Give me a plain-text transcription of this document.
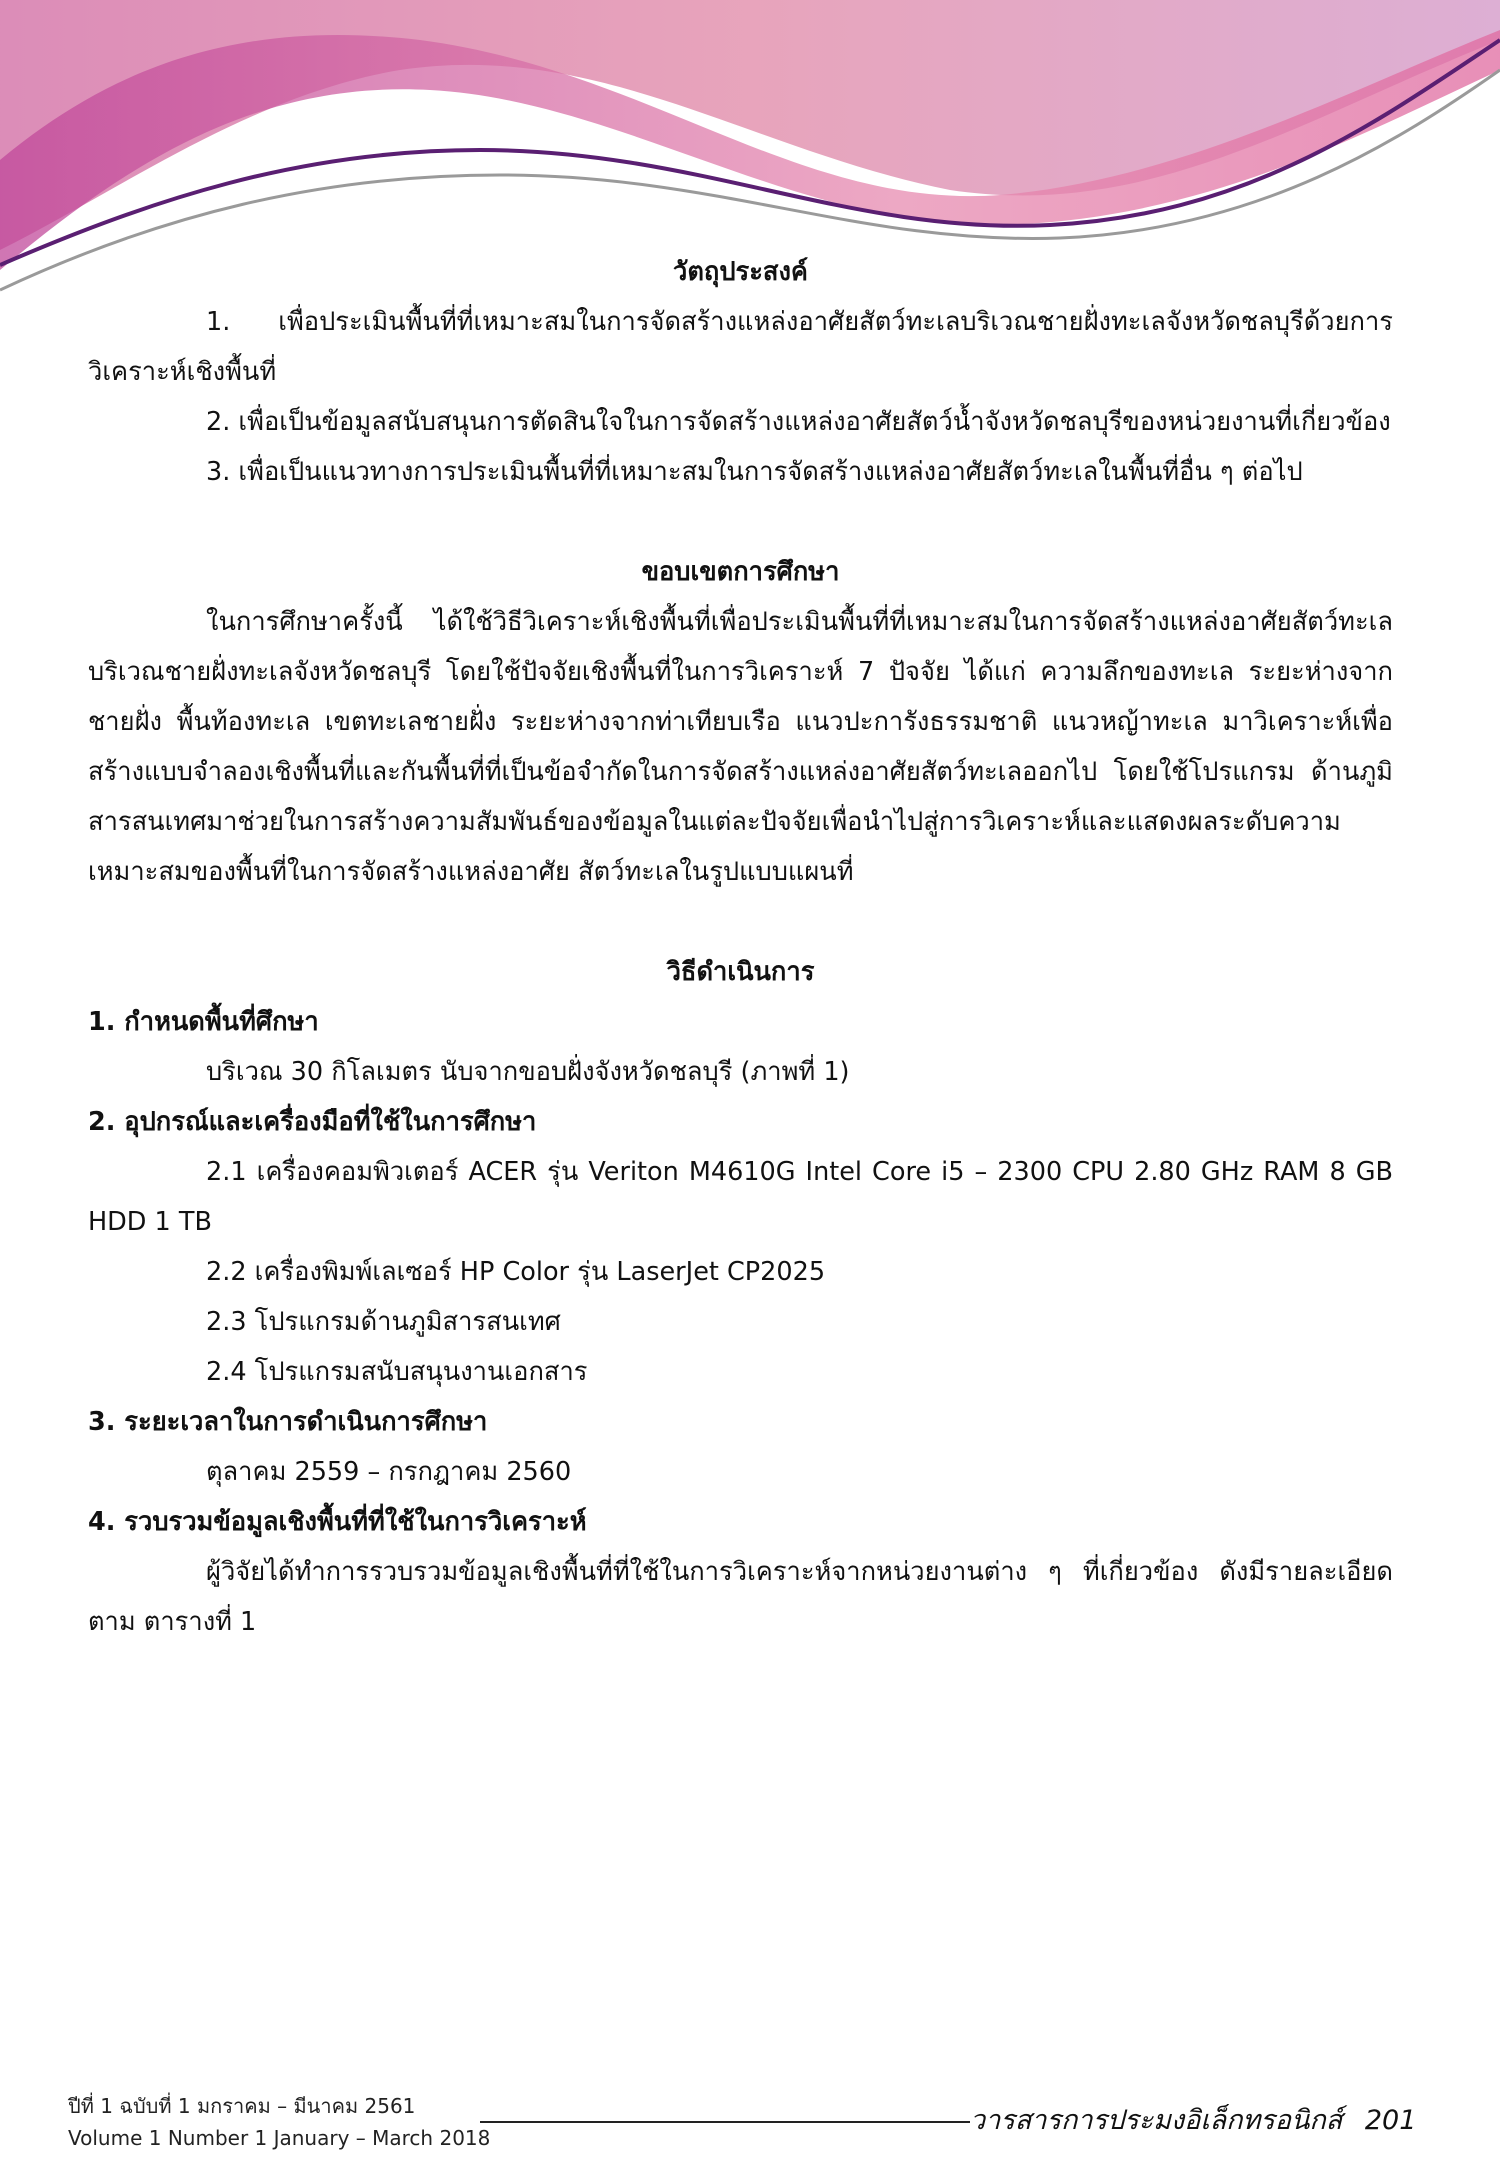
วัตถุประสงค์

1. เพื่อประเมินพื้นที่ที่เหมาะสมในการจัดสร้างแหล่งอาศัยสัตว์ทะเลบริเวณชายฝั่งทะเลจังหวัดชลบุรีด้วยการวิเคราะห์เชิงพื้นที่

2. เพื่อเป็นข้อมูลสนับสนุนการตัดสินใจในการจัดสร้างแหล่งอาศัยสัตว์น้ำจังหวัดชลบุรีของหน่วยงานที่เกี่ยวข้อง

3. เพื่อเป็นแนวทางการประเมินพื้นที่ที่เหมาะสมในการจัดสร้างแหล่งอาศัยสัตว์ทะเลในพื้นที่อื่น ๆ ต่อไป

ขอบเขตการศึกษา

ในการศึกษาครั้งนี้ ได้ใช้วิธีวิเคราะห์เชิงพื้นที่เพื่อประเมินพื้นที่ที่เหมาะสมในการจัดสร้างแหล่งอาศัยสัตว์ทะเลบริเวณชายฝั่งทะเลจังหวัดชลบุรี โดยใช้ปัจจัยเชิงพื้นที่ในการวิเคราะห์ 7 ปัจจัย ได้แก่ ความลึกของทะเล ระยะห่างจากชายฝั่ง พื้นท้องทะเล เขตทะเลชายฝั่ง ระยะห่างจากท่าเทียบเรือ แนวปะการังธรรมชาติ แนวหญ้าทะเล มาวิเคราะห์เพื่อสร้างแบบจำลองเชิงพื้นที่และกันพื้นที่ที่เป็นข้อจำกัดในการจัดสร้างแหล่งอาศัยสัตว์ทะเลออกไป โดยใช้โปรแกรม ด้านภูมิสารสนเทศมาช่วยในการสร้างความสัมพันธ์ของข้อมูลในแต่ละปัจจัยเพื่อนำไปสู่การวิเคราะห์และแสดงผลระดับความเหมาะสมของพื้นที่ในการจัดสร้างแหล่งอาศัย สัตว์ทะเลในรูปแบบแผนที่

วิธีดำเนินการ

1. กำหนดพื้นที่ศึกษา

บริเวณ 30 กิโลเมตร นับจากขอบฝั่งจังหวัดชลบุรี (ภาพที่ 1)

2. อุปกรณ์และเครื่องมือที่ใช้ในการศึกษา

2.1 เครื่องคอมพิวเตอร์ ACER รุ่น Veriton M4610G Intel Core i5 – 2300 CPU 2.80 GHz RAM 8 GB HDD 1 TB

2.2 เครื่องพิมพ์เลเซอร์ HP Color รุ่น LaserJet CP2025

2.3 โปรแกรมด้านภูมิสารสนเทศ

2.4 โปรแกรมสนับสนุนงานเอกสาร

3. ระยะเวลาในการดำเนินการศึกษา

ตุลาคม 2559 – กรกฎาคม 2560

4. รวบรวมข้อมูลเชิงพื้นที่ที่ใช้ในการวิเคราะห์

ผู้วิจัยได้ทำการรวบรวมข้อมูลเชิงพื้นที่ที่ใช้ในการวิเคราะห์จากหน่วยงานต่าง ๆ ที่เกี่ยวข้อง ดังมีรายละเอียดตาม ตารางที่ 1

ปีที่ 1 ฉบับที่ 1 มกราคม – มีนาคม 2561
Volume 1 Number 1 January – March 2018
วารสารการประมงอิเล็กทรอนิกส์ 201
